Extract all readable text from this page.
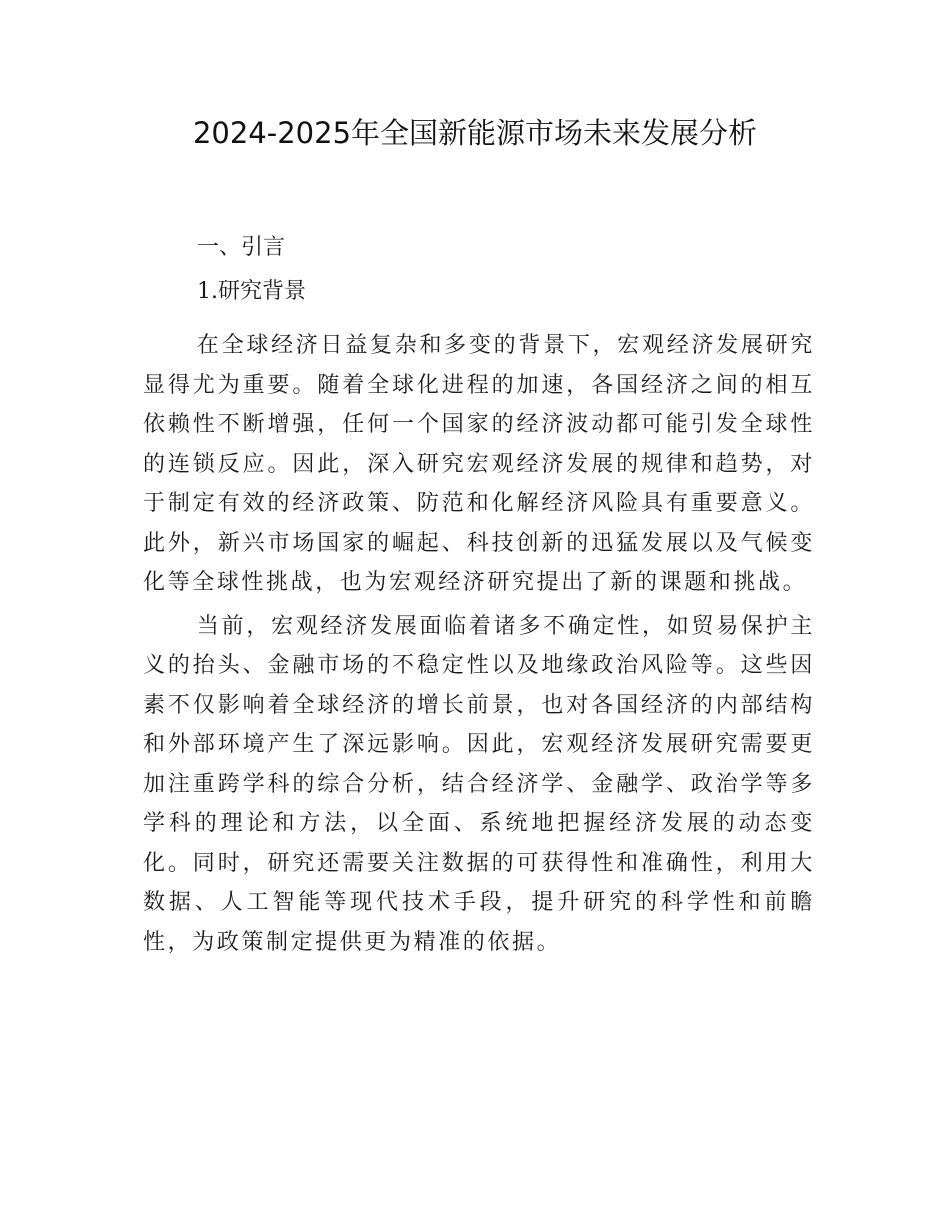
2024-2025年全国新能源市场未来发展分析
一、引言
1.研究背景

在全球经济日益复杂和多变的背景下，宏观经济发展研究显得尤为重要。随着全球化进程的加速，各国经济之间的相互依赖性不断增强，任何一个国家的经济波动都可能引发全球性的连锁反应。因此，深入研究宏观经济发展的规律和趋势，对于制定有效的经济政策、防范和化解经济风险具有重要意义。此外，新兴市场国家的崛起、科技创新的迅猛发展以及气候变化等全球性挑战，也为宏观经济研究提出了新的课题和挑战。

当前，宏观经济发展面临着诸多不确定性，如贸易保护主义的抬头、金融市场的不稳定性以及地缘政治风险等。这些因素不仅影响着全球经济的增长前景，也对各国经济的内部结构和外部环境产生了深远影响。因此，宏观经济发展研究需要更加注重跨学科的综合分析，结合经济学、金融学、政治学等多学科的理论和方法，以全面、系统地把握经济发展的动态变化。同时，研究还需要关注数据的可获得性和准确性，利用大数据、人工智能等现代技术手段，提升研究的科学性和前瞻性，为政策制定提供更为精准的依据。
